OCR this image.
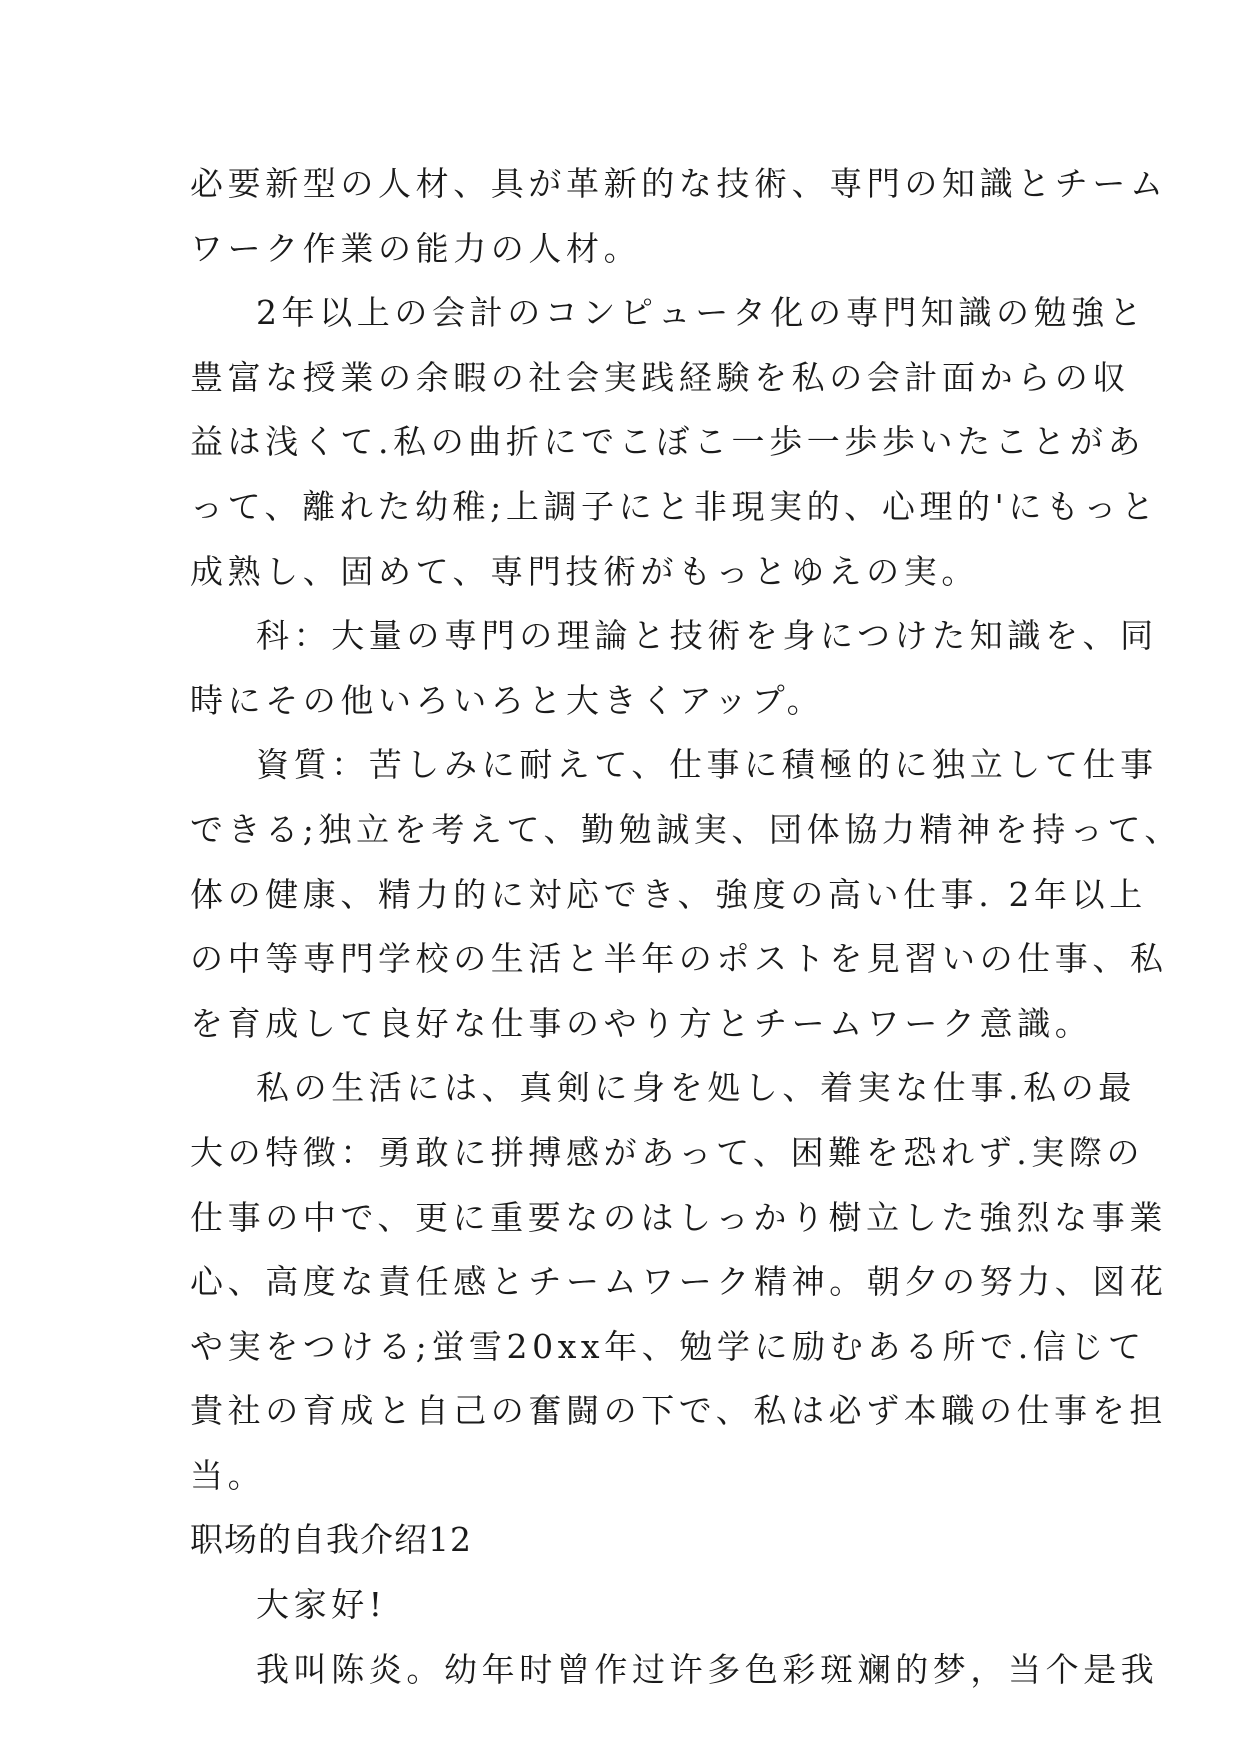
必要新型の人材、具が革新的な技術、専門の知識とチーム
ワーク作業の能力の人材。
2年以上の会計のコンピュータ化の専門知識の勉強と
豊富な授業の余暇の社会実践経験を私の会計面からの収
益は浅くて.私の曲折にでこぼこ一歩一歩歩いたことがあ
って、離れた幼稚;上調子にと非現実的、心理的'にもっと
成熟し、固めて、専門技術がもっとゆえの実。
科：大量の専門の理論と技術を身につけた知識を、同
時にその他いろいろと大きくアップ。
資質：苦しみに耐えて、仕事に積極的に独立して仕事
できる;独立を考えて、勤勉誠実、団体協力精神を持って、
体の健康、精力的に対応でき、強度の高い仕事. 2年以上
の中等専門学校の生活と半年のポストを見習いの仕事、私
を育成して良好な仕事のやり方とチームワーク意識。
私の生活には、真剣に身を処し、着実な仕事.私の最
大の特徴：勇敢に拼搏感があって、困難を恐れず.実際の
仕事の中で、更に重要なのはしっかり樹立した強烈な事業
心、高度な責任感とチームワーク精神。朝夕の努力、図花
や実をつける;蛍雪20xx年、勉学に励むある所で.信じて
貴社の育成と自己の奮闘の下で、私は必ず本職の仕事を担
当。
职场的自我介绍12
大家好!
我叫陈炎。幼年时曾作过许多色彩斑斓的梦，当个是我
